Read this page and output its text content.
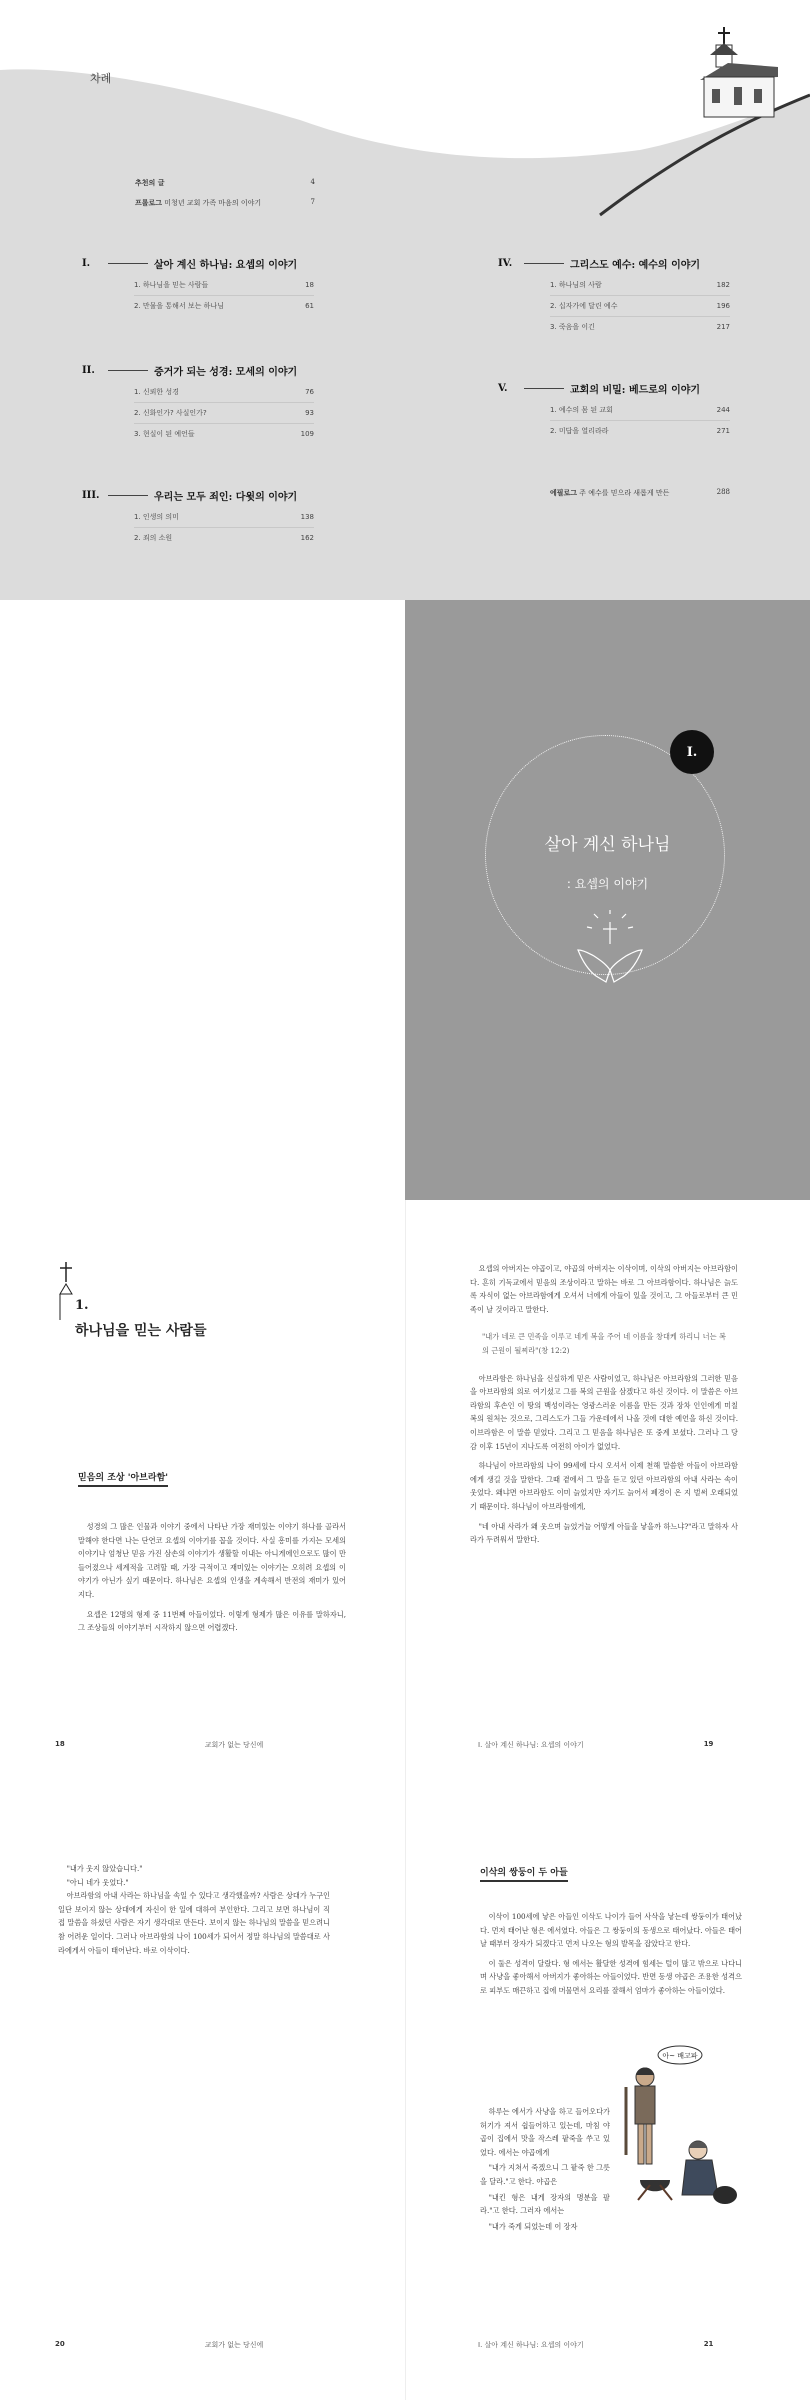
차례
추천의 글	4
프롤로그 미청년 교회 가족 마음의 이야기	7
I.	살아 계신 하나님: 요셉의 이야기
1. 하나님을 믿는 사람들	18
2. 만물을 통해서 보는 하나님	61
II.	증거가 되는 성경: 모세의 이야기
1. 신뢰한 성경	76
2. 신화인가? 사실인가?	93
3. 현실이 된 예언들	109
III.	우리는 모두 죄인: 다윗의 이야기
1. 인생의 의미	138
2. 죄의 소원	162
IV.	그리스도 예수: 예수의 이야기
1. 하나님의 사람	182
2. 십자가에 달린 예수	196
3. 죽음을 이긴	217
V.	교회의 비밀: 베드로의 이야기
1. 예수의 몸 된 교회	244
2. 미답을 열리라라	271
에필로그 주 예수를 믿으라 새롭게 만든	288
I.
살아 계신 하나님
: 요셉의 이야기
1.
하나님을 믿는 사람들
믿음의 조상 '아브라함'

성경의 그 많은 인물과 이야기 중에서 나타난 가장 재미있는 이야기 하나를 골라서 말해야 한다면 나는 단연코 요셉의 이야기를 꼽을 것이다. 사실 흥미를 가지는 모세의 이야기나 엄청난 믿음 가진 삼손의 이야기가 생활할 이내는 아니게에인으로도 많이 만들어졌으나 세계적을 고려할 때, 가장 극적이고 재미있는 이야기는 오히려 요셉의 이야기가 아닌가 싶기 때문이다. 하나님은 요셉의 인생을 계속해서 반전의 재미가 있어지다.

요셉은 12명의 형제 중 11번째 아들이었다. 이렇게 형제가 많은 이유를 말하자니, 그 조상들의 이야기부터 시작하지 않으면 어렵겠다.

요셉의 아버지는 야곱이고, 야곱의 아버지는 이삭이며, 이삭의 아버지는 아브라함이다. 흔히 기독교에서 믿음의 조상이라고 말하는 바로 그 아브라함이다. 하나님은 늙도록 자식이 없는 아브라함에게 오셔서 너에게 아들이 있을 것이고, 그 아들로부터 큰 민족이 날 것이라고 말한다.

"내가 네로 큰 민족을 이루고 네게 복을 주어 네 이름을 창대케 하리니 너는 복의 근원이 될찌라"(창 12:2)

아브라함은 하나님을 신실하게 믿은 사람이었고, 하나님은 아브라함의 그러한 믿음을 아브라함의 의로 여기셨고 그를 복의 근원을 삼겠다고 하신 것이다. 이 말씀은 아브라함의 후손인 이 땅의 백성이라는 영광스러운 이름을 만든 것과 장차 인인에게 미칠 복의 원처는 것으로, 그리스도가 그들 가운데에서 나올 것에 대한 예언을 하신 것이다. 이브라함은 이 말씀 믿었다. 그리고 그 믿음을 하나님은 또 중계 보셨다. 그러나 그 당감 이후 15년이 지나도록 여전히 아이가 없었다.

하나님이 아브라함의 나이 99세에 다시 오셔서 이제 천해 말씀한 아들이 아브라함에게 생길 것을 말한다. 그때 곁에서 그 말을 듣고 있던 아브라함의 아내 사라는 속이 웃었다. 왜냐면 아브라함도 이미 늙었지만 자기도 늙어서 폐경이 온 지 벌써 오래되었기 때문이다. 하나님이 아브라함에게,

"네 아내 사라가 왜 웃으며 늙었거늘 어떻게 아들을 낳을까 하느냐?"라고 말하자 사라가 두려워서 말한다.

18	교회가 없는 당신에	I. 살아 계신 하나님: 요셉의 이야기	19

"내가 웃지 않았습니다."

"아니 네가 웃었다."

아브라함의 아내 사라는 하나님을 속일 수 있다고 생각했을까? 사람은 상대가 누구인 일단 보이지 않는 상대에게 자신이 한 일에 대하여 부인한다. 그리고 보면 하나님이 직접 말씀을 하셨던 사람은 자기 생각대로 만든다. 보이지 않는 하나님의 말씀을 믿으려니 참 어려운 일이다. 그러나 아브라함의 나이 100세가 되어서 정말 하나님의 말씀대로 사라에게서 아들이 태어난다. 바로 이삭이다.

이삭의 쌍둥이 두 아들

이삭이 100세에 낳은 아들인 이삭도 나이가 들어 사삭을 낳는데 쌍둥이가 태어났다. 먼저 태어난 형은 에서였다. 아들은 그 쌍둥이의 동생으로 태어났다. 아들은 태어날 때부터 장자가 되겠다고 먼저 나오는 형의 발목을 잡았다고 한다.

이 둘은 성격이 달랐다. 형 에서는 활달한 성격에 힘세는 털이 많고 밖으로 나다니며 사냥을 좋아해서 아버지가 좋아하는 아들이었다. 반면 동생 야곱은 조용한 성격으로 피부도 매끈하고 집에 머물면서 요리를 잘해서 엄마가 좋아하는 아들이었다.

하루는 에서가 사냥을 하고 들어오다가 허기가 져서 쉽들어하고 있는데, 마침 야곱이 집에서 맛을 작스레 팥죽을 쑤고 있었다. 에서는 야곱에게

"내가 지쳐서 죽겠으니 그 팥죽 한 그릇을 달라."고 한다. 야곱은

"내킨 형은 내게 장자의 명분을 팔라."고 한다. 그러자 에서는

"내가 죽게 되었는데 이 장자

아~ 배고파
20	교회가 없는 당신에	I. 살아 계신 하나님: 요셉의 이야기	21
